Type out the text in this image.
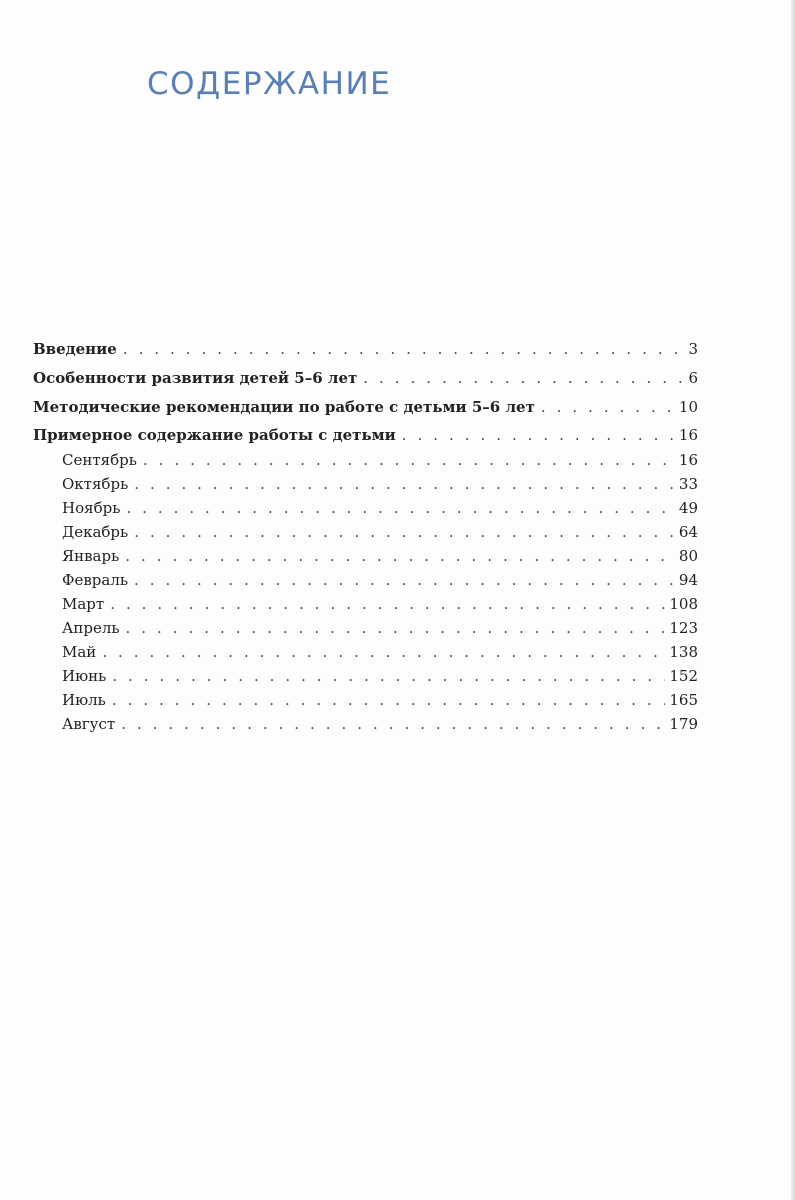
СОДЕРЖАНИЕ
Введение . . .	3
Особенности развития детей 5–6 лет . . .	6
Методические рекомендации по работе с детьми 5–6 лет . . .	10
Примерное содержание работы с детьми . . .	16
Сентябрь . . .	16
Октябрь . . .	33
Ноябрь . . .	49
Декабрь . . .	64
Январь . . .	80
Февраль . . .	94
Март . . .	108
Апрель . . .	123
Май . . .	138
Июнь . . .	152
Июль . . .	165
Август . . .	179
